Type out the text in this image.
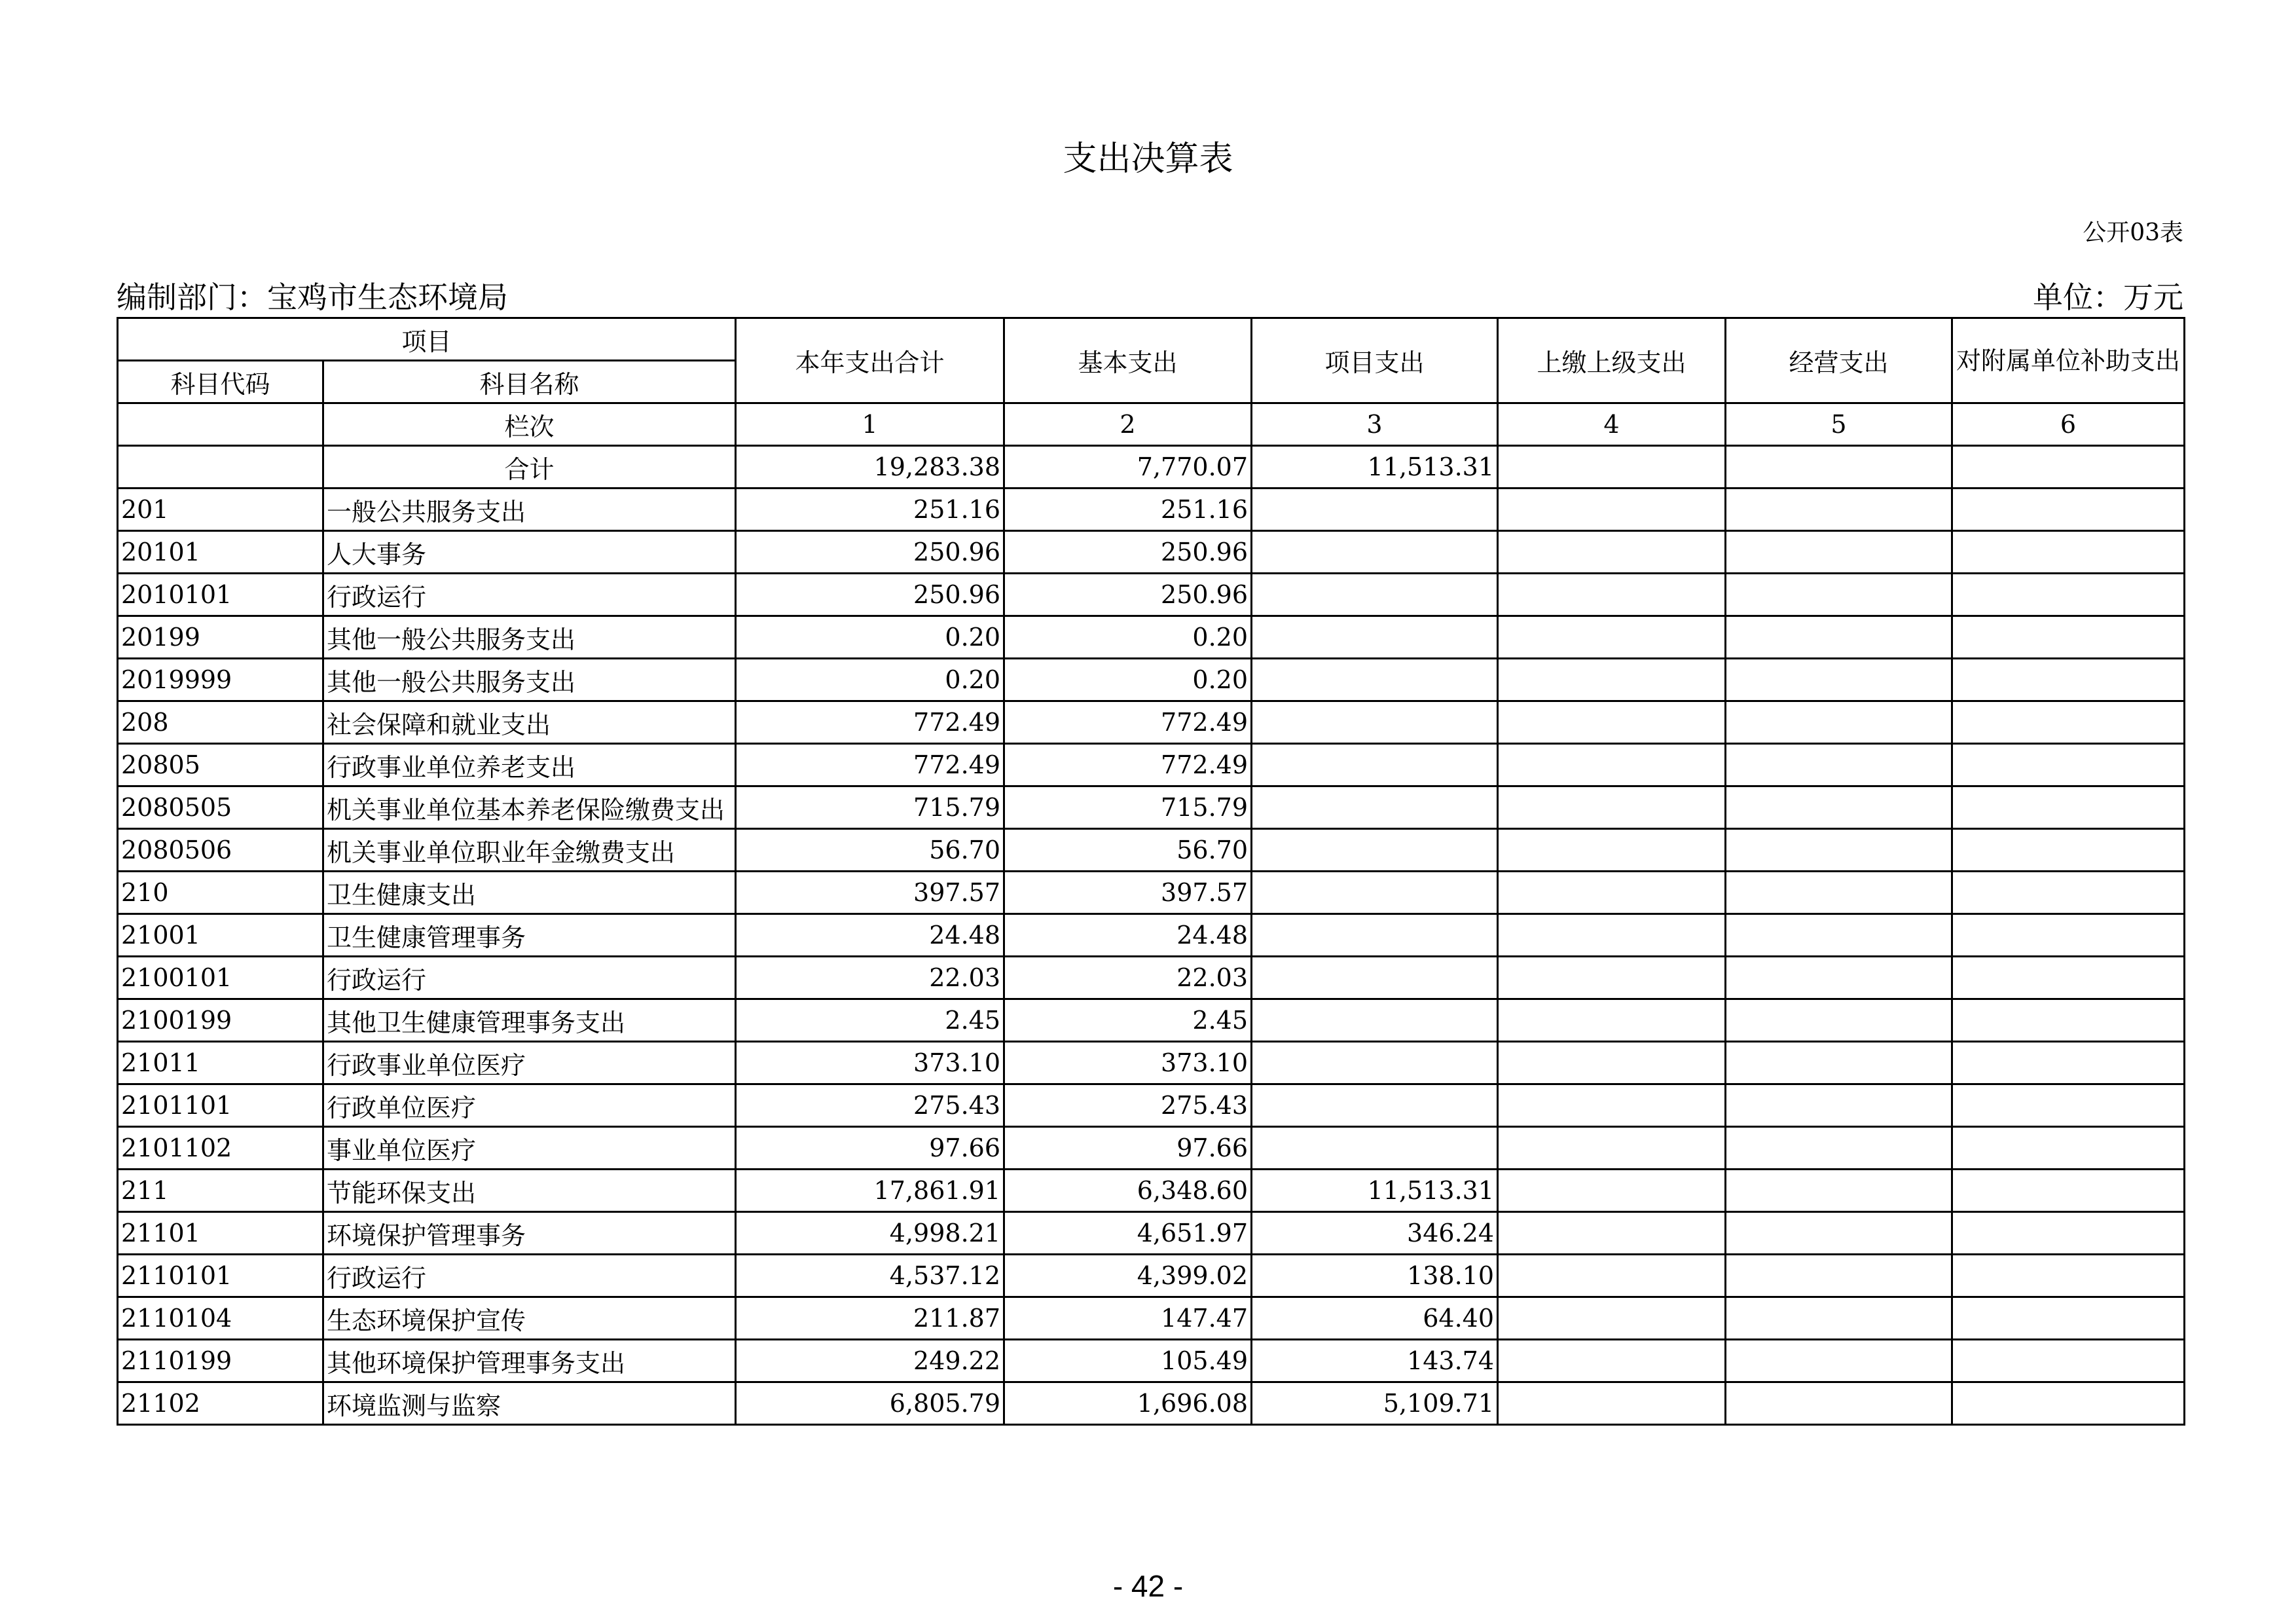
支出决算表
公开03表
编制部门：宝鸡市生态环境局	单位：万元
项目		本年支出合计	基本支出	项目支出	上缴上级支出	经营支出	对附属单位补助支出
科目代码	科目名称						
	栏次	1	2	3	4	5	6
	合计	19,283.38	7,770.07	11,513.31			
201	一般公共服务支出	251.16	251.16				
20101	人大事务	250.96	250.96				
2010101	行政运行	250.96	250.96				
20199	其他一般公共服务支出	0.20	0.20				
2019999	其他一般公共服务支出	0.20	0.20				
208	社会保障和就业支出	772.49	772.49				
20805	行政事业单位养老支出	772.49	772.49				
2080505	机关事业单位基本养老保险缴费支出	715.79	715.79				
2080506	机关事业单位职业年金缴费支出	56.70	56.70				
210	卫生健康支出	397.57	397.57				
21001	卫生健康管理事务	24.48	24.48				
2100101	行政运行	22.03	22.03				
2100199	其他卫生健康管理事务支出	2.45	2.45				
21011	行政事业单位医疗	373.10	373.10				
2101101	行政单位医疗	275.43	275.43				
2101102	事业单位医疗	97.66	97.66				
211	节能环保支出	17,861.91	6,348.60	11,513.31			
21101	环境保护管理事务	4,998.21	4,651.97	346.24			
2110101	行政运行	4,537.12	4,399.02	138.10			
2110104	生态环境保护宣传	211.87	147.47	64.40			
2110199	其他环境保护管理事务支出	249.22	105.49	143.74			
21102	环境监测与监察	6,805.79	1,696.08	5,109.71			
- 42 -
